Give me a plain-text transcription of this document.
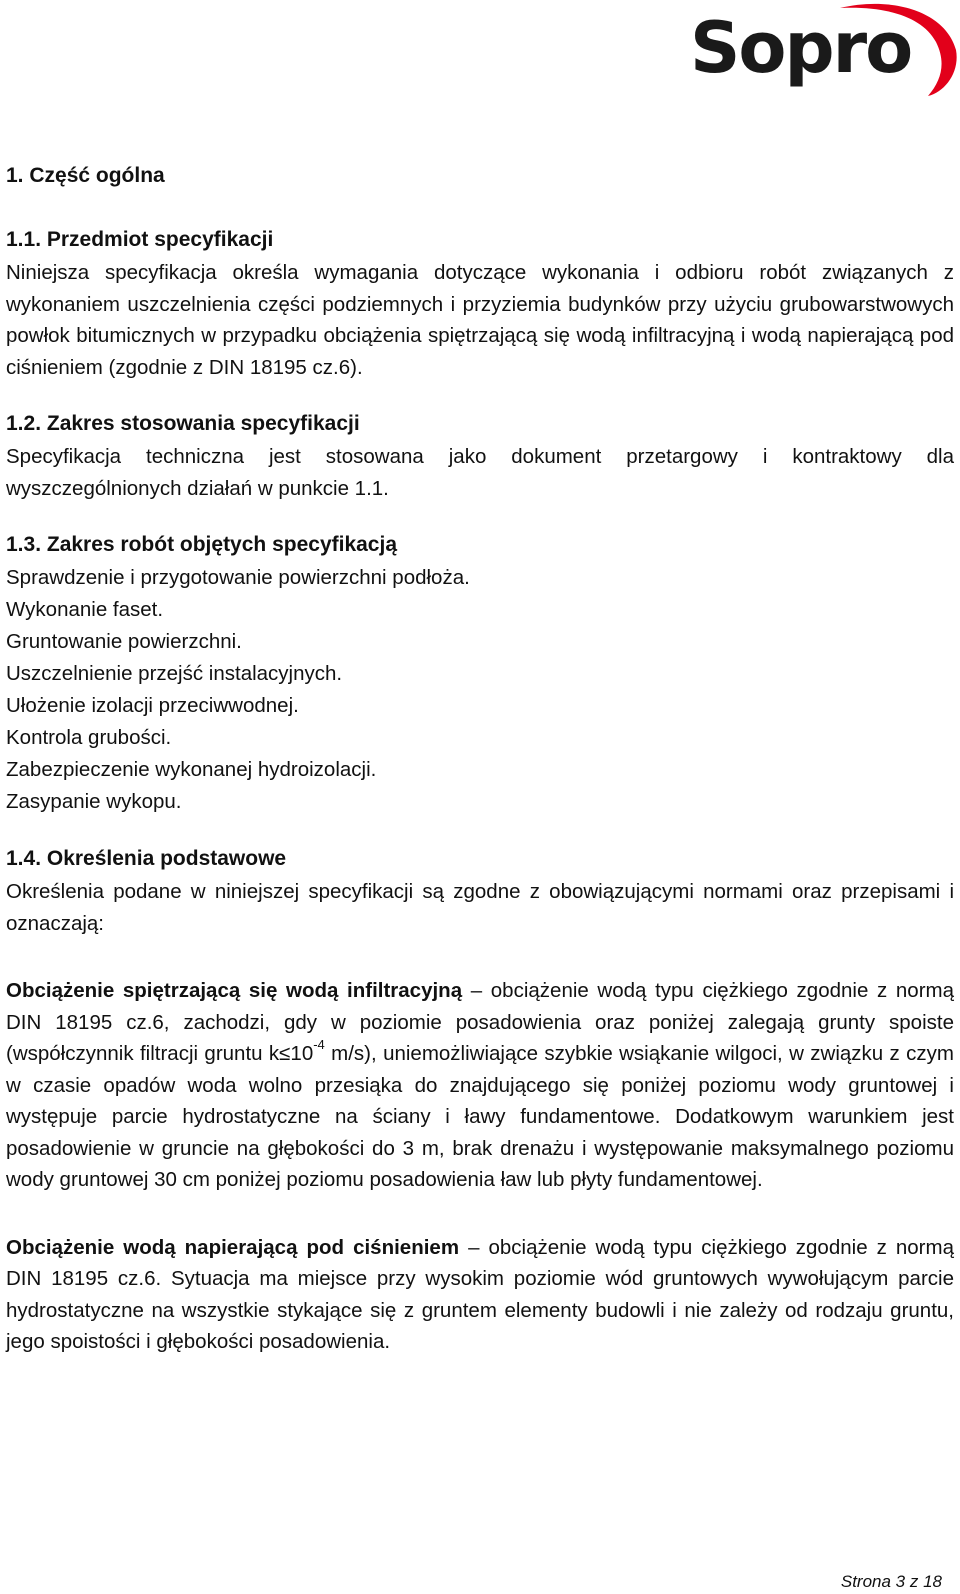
Sopro Polska Sp. z o.o.
ul. Poleczki 23F, 02-822 Warszawa
www.sopro.pl	Sopro
1. Część ogólna
1.1. Przedmiot specyfikacji

Niniejsza specyfikacja określa wymagania dotyczące wykonania i odbioru robót związanych z wykonaniem uszczelnienia części podziemnych i przyziemia budynków przy użyciu grubowarstwowych powłok bitumicznych w przypadku obciążenia spiętrzającą się wodą infiltracyjną i wodą napierającą pod ciśnieniem (zgodnie z DIN 18195 cz.6).

1.2. Zakres stosowania specyfikacji

Specyfikacja techniczna jest stosowana jako dokument przetargowy i kontraktowy dla wyszczególnionych działań w punkcie 1.1.

1.3. Zakres robót objętych specyfikacją
Sprawdzenie i przygotowanie powierzchni podłoża.
Wykonanie faset.
Gruntowanie powierzchni.
Uszczelnienie przejść instalacyjnych.
Ułożenie izolacji przeciwwodnej.
Kontrola grubości.
Zabezpieczenie wykonanej hydroizolacji.
Zasypanie wykopu.
1.4. Określenia podstawowe

Określenia podane w niniejszej specyfikacji są zgodne z obowiązującymi normami oraz przepisami i oznaczają:

Obciążenie spiętrzającą się wodą infiltracyjną – obciążenie wodą typu ciężkiego zgodnie z normą DIN 18195 cz.6, zachodzi, gdy w poziomie posadowienia oraz poniżej zalegają grunty spoiste (współczynnik filtracji gruntu $k\le 10^{-4}$ m/s), uniemożliwiające szybkie wsiąkanie wilgoci, w związku z czym w czasie opadów woda wolno przesiąka do znajdującego się poniżej poziomu wody gruntowej i występuje parcie hydrostatyczne na ściany i ławy fundamentowe. Dodatkowym warunkiem jest posadowienie w gruncie na głębokości do 3 m, brak drenażu i występowanie maksymalnego poziomu wody gruntowej 30 cm poniżej poziomu posadowienia ław lub płyty fundamentowej.

Obciążenie wodą napierającą pod ciśnieniem – obciążenie wodą typu ciężkiego zgodnie z normą DIN 18195 cz.6. Sytuacja ma miejsce przy wysokim poziomie wód gruntowych wywołującym parcie hydrostatyczne na wszystkie stykające się z gruntem elementy budowli i nie zależy od rodzaju gruntu, jego spoistości i głębokości posadowienia.

Strona 3 z 18
